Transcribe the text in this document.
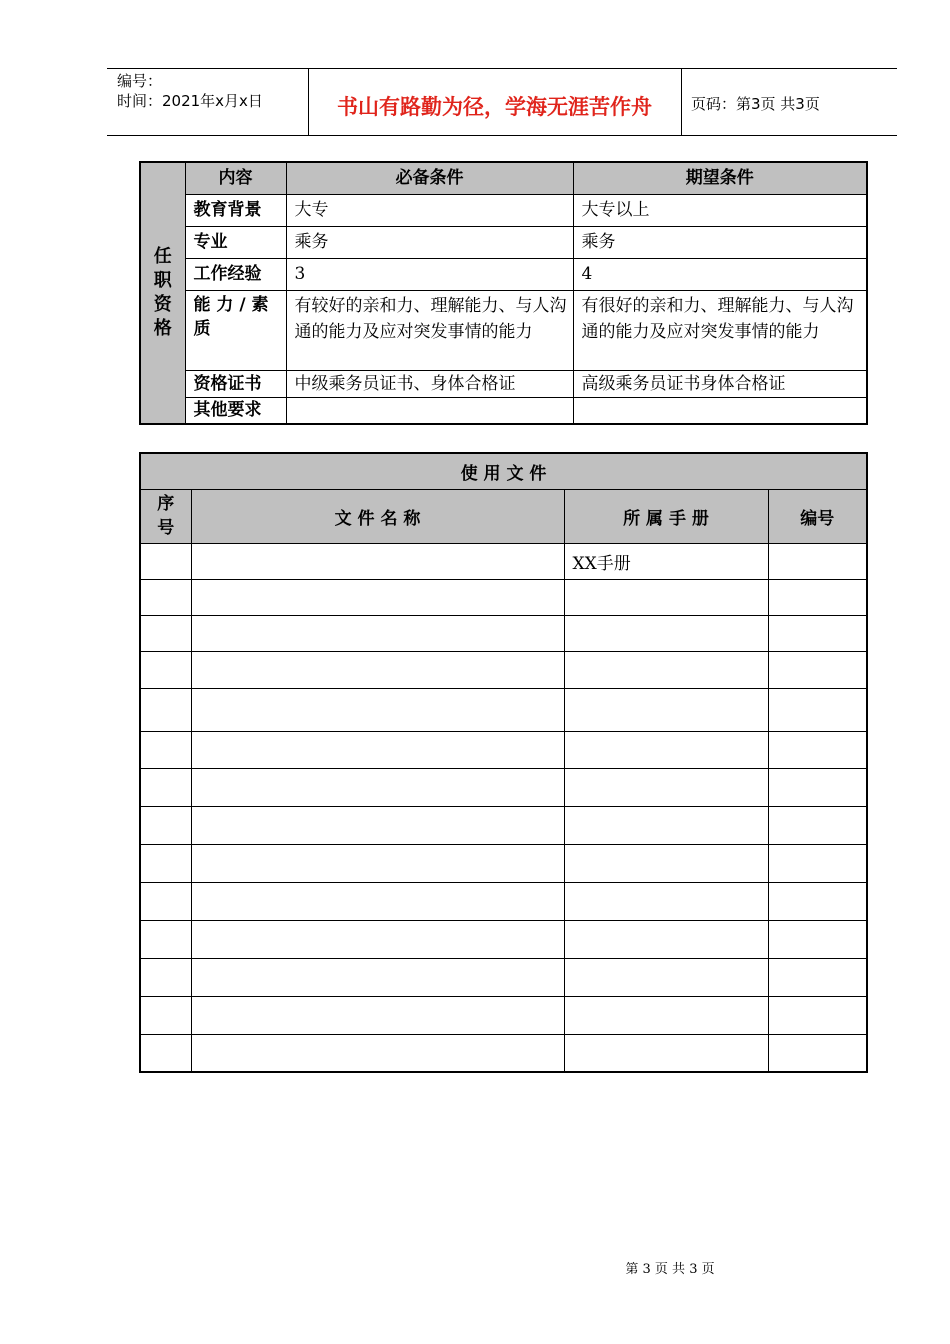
编号：
时间：2021年x月x日	书山有路勤为径，学海无涯苦作舟	页码：第3页 共3页
任
职
资
格	内容	必备条件	期望条件
	教育背景	大专	大专以上
	专业	乘务	乘务
	工作经验	3	4
	能 力 / 素质	有较好的亲和力、理解能力、与人沟通的能力及应对突发事情的能力	有很好的亲和力、理解能力、与人沟通的能力及应对突发事情的能力
	资格证书	中级乘务员证书、身体合格证	高级乘务员证书身体合格证
	其他要求		
使 用 文 件			
序号	文 件 名 称	所 属 手 册	编号
		XX手册	

第 3 页 共 3 页
